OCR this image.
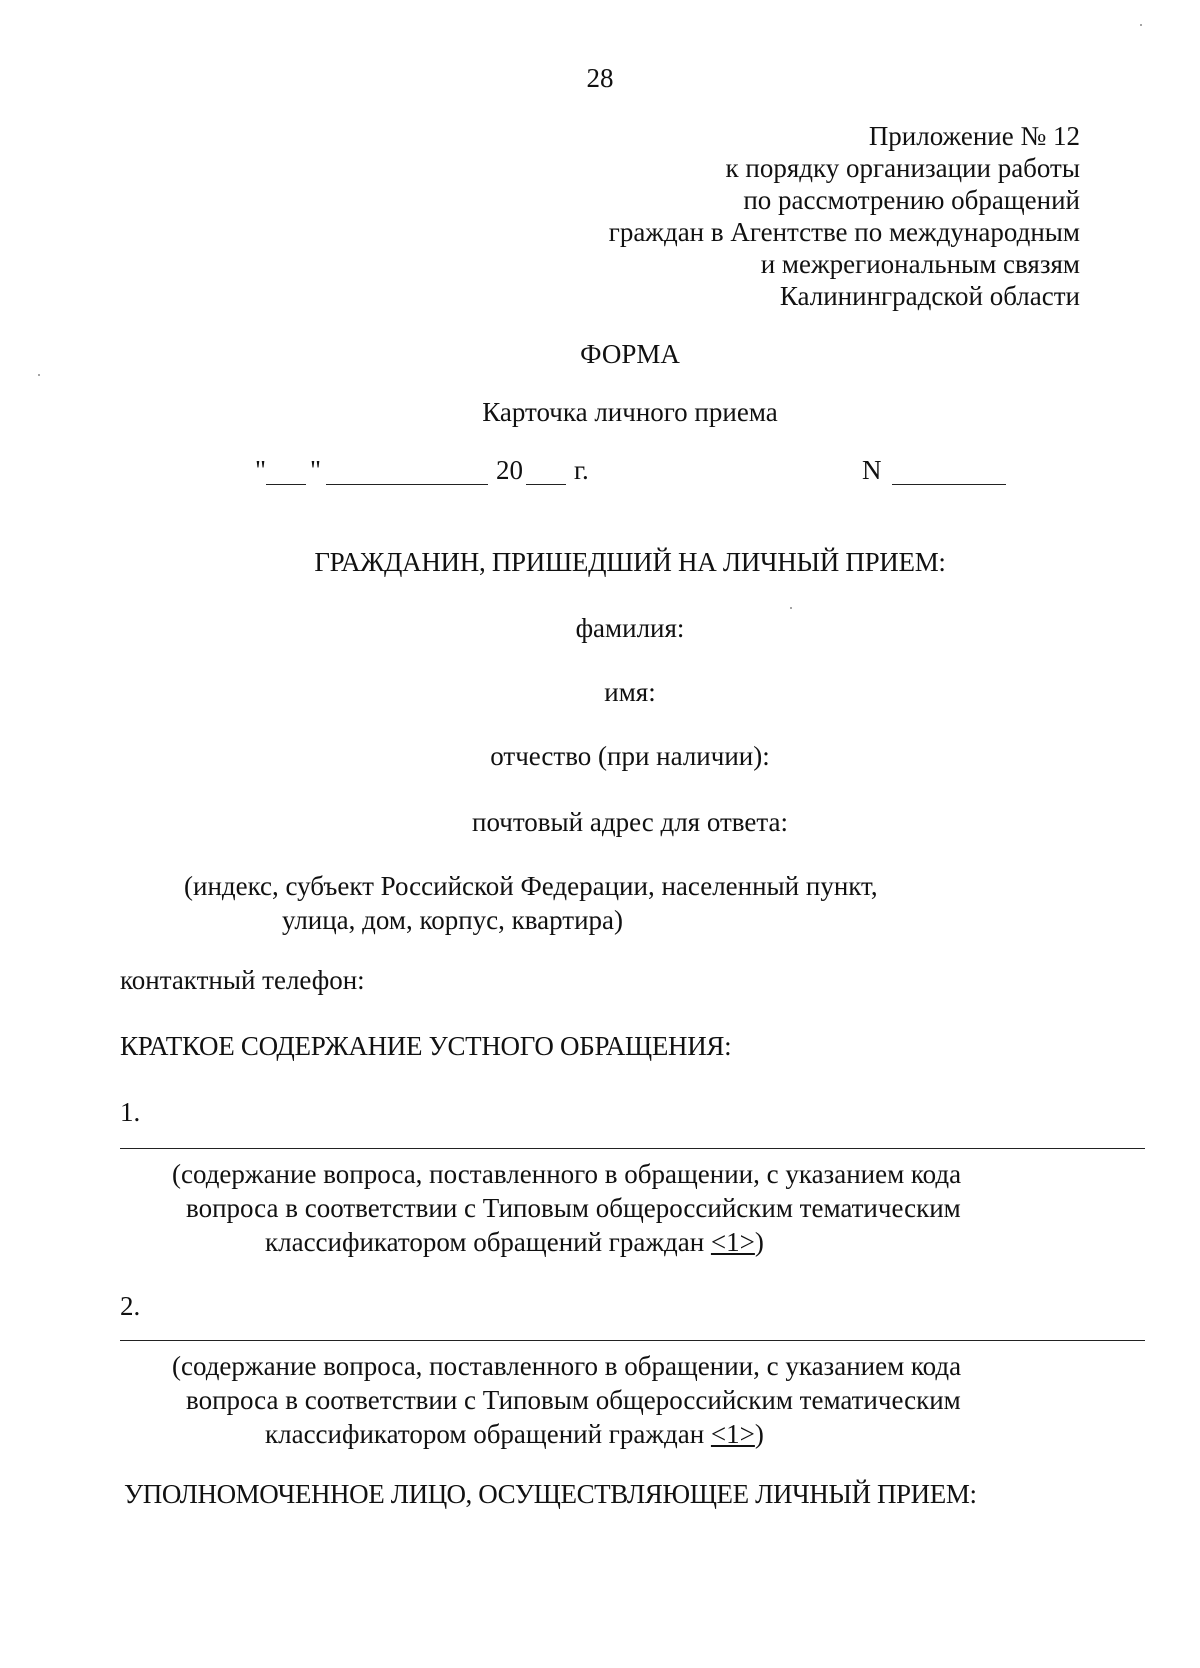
28
Приложение № 12
к порядку организации работы
по рассмотрению обращений
граждан в Агентстве по международным
и межрегиональным связям
Калининградской области
ФОРМА
Карточка личного приема
" "	20 г.	N
ГРАЖДАНИН, ПРИШЕДШИЙ НА ЛИЧНЫЙ ПРИЕМ:
фамилия:
имя:
отчество (при наличии):
почтовый адрес для ответа:
(индекс, субъект Российской Федерации, населенный пункт,
улица, дом, корпус, квартира)
контактный телефон:
КРАТКОЕ СОДЕРЖАНИЕ УСТНОГО ОБРАЩЕНИЯ:
1.
(содержание вопроса, поставленного в обращении, с указанием кода
вопроса в соответствии с Типовым общероссийским тематическим
классификатором обращений граждан <1>)
2.
(содержание вопроса, поставленного в обращении, с указанием кода
вопроса в соответствии с Типовым общероссийским тематическим
классификатором обращений граждан <1>)
УПОЛНОМОЧЕННОЕ ЛИЦО, ОСУЩЕСТВЛЯЮЩЕЕ ЛИЧНЫЙ ПРИЕМ:
